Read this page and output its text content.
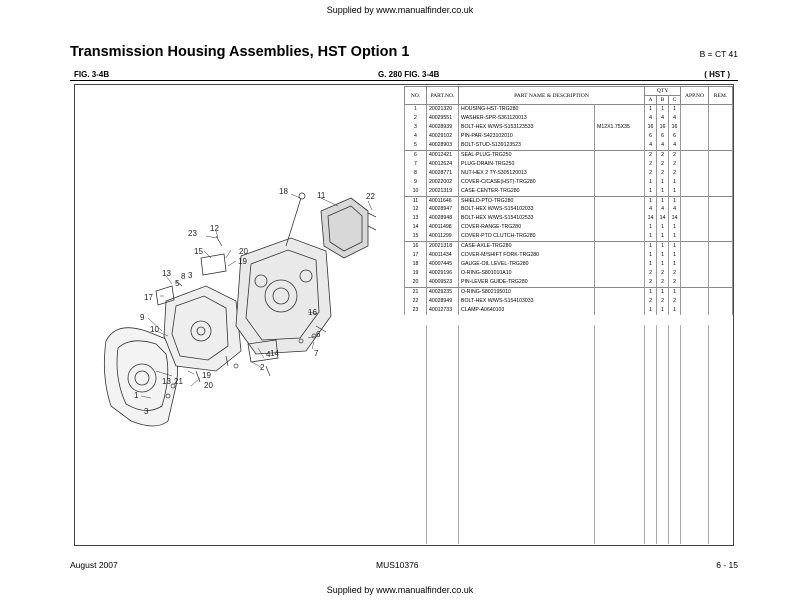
Supplied by www.manualfinder.co.uk
Transmission Housing Assemblies, HST Option 1	B = CT 41
FIG. 3-4B	G. 280 FIG. 3-4B	( HST )
18	11	22
12
23
15	20
19
13
5
8 3
17
9
10
16
6
4	7
2
1
13 21
19
20
3
14
NO.	PART.NO.	PART NAME & DESCRIPTION		QTY			APP.NO	REM.
				A	B	C		
1	20021320	HOUSING-HST-TRG280		1	1	1		
2	40029551	WASHER-SPR-S361120013		4	4	4		
3	40028939	BOLT-HEX W/WS-S153123533	M12X1.75X35	16	16	16		
4	40029102	PIN-PAR-S423102010		6	6	6		
5	40028903	BOLT-STUD-S139123523		4	4	4		
6	40012421	SEAL-PLUG-TRG250		2	2	2		
7	40012624	PLUG-DRAIN-TRG250		2	2	2		
8	40028771	NUT-HEX 2 TY-S305120013		2	2	2		
9	20022002	COVER-C/CASE(HST)-TRG280		1	1	1		
10	20021319	CASE-CENTER-TRG280		1	1	1		
11	40011646	SHIELD-PTO-TRG280		1	1	1		
12	40028947	BOLT-HEX W/WS-S154102033		4	4	4		
13	40028948	BOLT-HEX W/WS-S154102533		14	14	14		
14	40011498	COVER-RANGE-TRG280		1	1	1		
15	40011299	COVER-PTO CLUTCH-TRG280		1	1	1		
16	20021318	CASE-AXLE-TRG280		1	1	1		
17	40011434	COVER-M/SHIFT FORK-TRG280		1	1	1		
18	40007445	GAUGE-OIL LEVEL-TRG280		1	1	1		
19	40029196	O-RING-S801010A10		2	2	2		
20	40009523	PIN-LEVER GUIDE-TRG280		2	2	2		
21	40029235	O-RING-S802195010		1	1	1		
22	40028949	BOLT-HEX W/WS-S154103033		2	2	2		
23	40012733	CLAMP-A0640103		1	1	1		
August 2007	MUS10376	6 - 15
Supplied by www.manualfinder.co.uk
